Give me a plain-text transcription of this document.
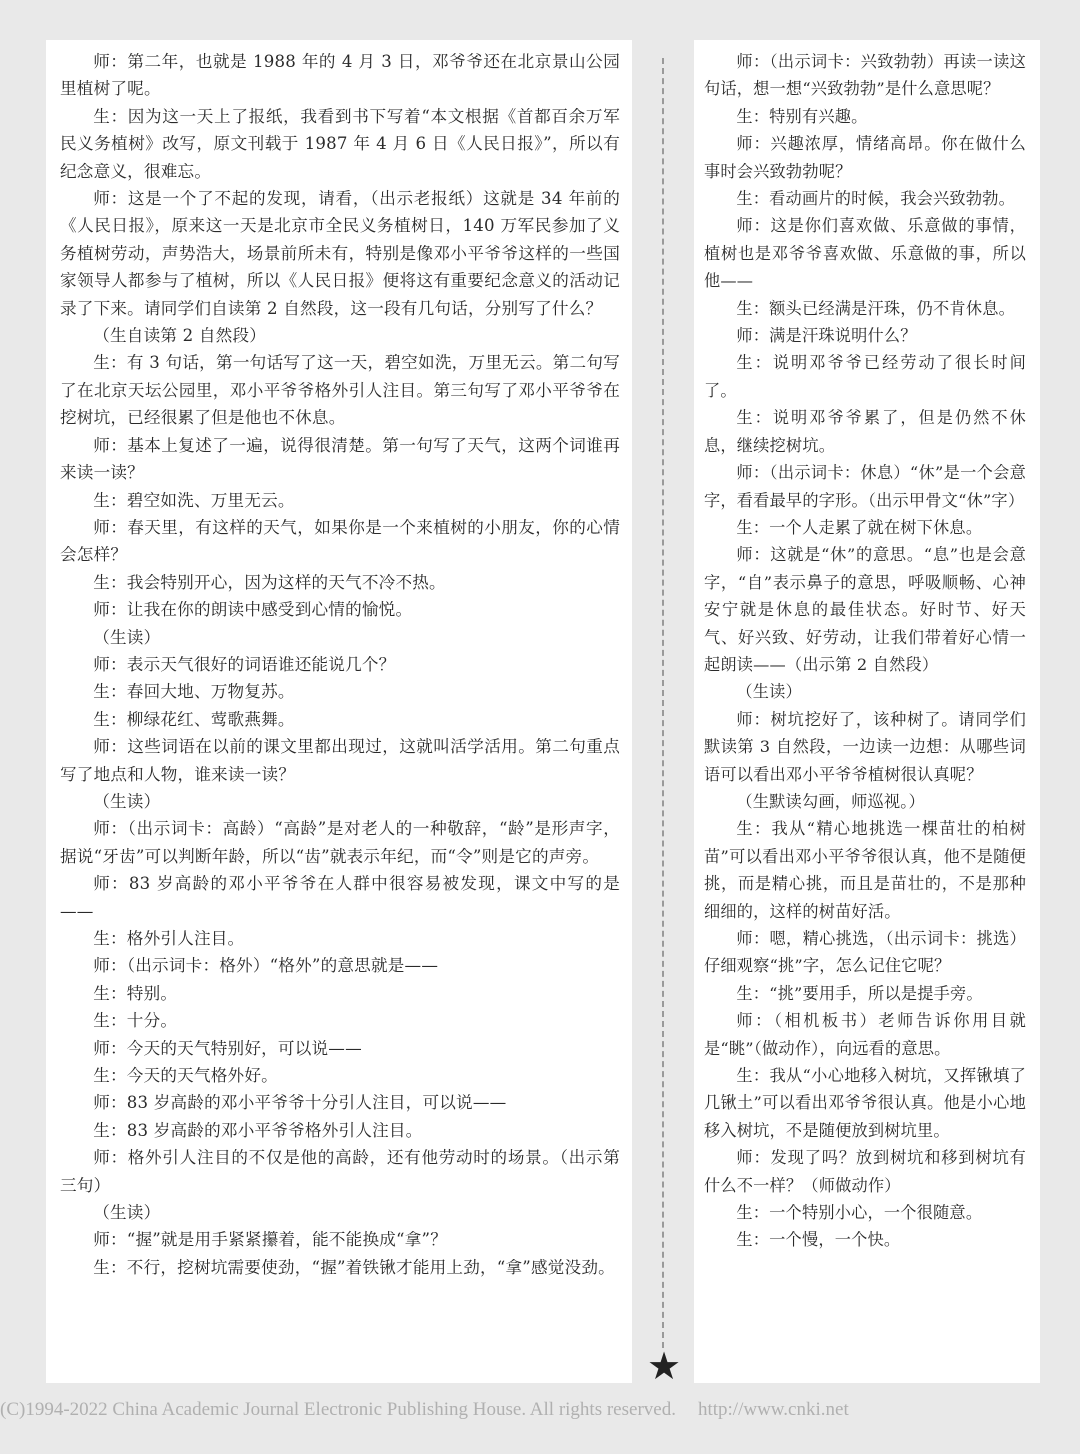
师：第二年，也就是 1988 年的 4 月 3 日，邓爷爷还在北京景山公园里植树了呢。

生：因为这一天上了报纸，我看到书下写着“本文根据《首都百余万军民义务植树》改写，原文刊载于 1987 年 4 月 6 日《人民日报》”，所以有纪念意义，很难忘。

师：这是一个了不起的发现，请看，（出示老报纸）这就是 34 年前的《人民日报》，原来这一天是北京市全民义务植树日，140 万军民参加了义务植树劳动，声势浩大，场景前所未有，特别是像邓小平爷爷这样的一些国家领导人都参与了植树，所以《人民日报》便将这有重要纪念意义的活动记录了下来。请同学们自读第 2 自然段，这一段有几句话，分别写了什么？

（生自读第 2 自然段）

生：有 3 句话，第一句话写了这一天，碧空如洗，万里无云。第二句写了在北京天坛公园里，邓小平爷爷格外引人注目。第三句写了邓小平爷爷在挖树坑，已经很累了但是他也不休息。

师：基本上复述了一遍，说得很清楚。第一句写了天气，这两个词谁再来读一读？

生：碧空如洗、万里无云。

师：春天里，有这样的天气，如果你是一个来植树的小朋友，你的心情会怎样？

生：我会特别开心，因为这样的天气不冷不热。

师：让我在你的朗读中感受到心情的愉悦。

（生读）

师：表示天气很好的词语谁还能说几个？

生：春回大地、万物复苏。

生：柳绿花红、莺歌燕舞。

师：这些词语在以前的课文里都出现过，这就叫活学活用。第二句重点写了地点和人物，谁来读一读？

（生读）

师：（出示词卡：高龄）“高龄”是对老人的一种敬辞，“龄”是形声字，据说“牙齿”可以判断年龄，所以“齿”就表示年纪，而“令”则是它的声旁。

师：83 岁高龄的邓小平爷爷在人群中很容易被发现，课文中写的是——

生：格外引人注目。

师：（出示词卡：格外）“格外”的意思就是——

生：特别。

生：十分。

师：今天的天气特别好，可以说——

生：今天的天气格外好。

师：83 岁高龄的邓小平爷爷十分引人注目，可以说——

生：83 岁高龄的邓小平爷爷格外引人注目。

师：格外引人注目的不仅是他的高龄，还有他劳动时的场景。（出示第三句）

（生读）

师：“握”就是用手紧紧攥着，能不能换成“拿”？

生：不行，挖树坑需要使劲，“握”着铁锹才能用上劲，“拿”感觉没劲。

师：（出示词卡：兴致勃勃）再读一读这句话，想一想“兴致勃勃”是什么意思呢？

生：特别有兴趣。

师：兴趣浓厚，情绪高昂。你在做什么事时会兴致勃勃呢？

生：看动画片的时候，我会兴致勃勃。

师：这是你们喜欢做、乐意做的事情，植树也是邓爷爷喜欢做、乐意做的事，所以他——

生：额头已经满是汗珠，仍不肯休息。

师：满是汗珠说明什么？

生：说明邓爷爷已经劳动了很长时间了。

生：说明邓爷爷累了，但是仍然不休息，继续挖树坑。

师：（出示词卡：休息）“休”是一个会意字，看看最早的字形。（出示甲骨文“休”字）

生：一个人走累了就在树下休息。

师：这就是“休”的意思。“息”也是会意字，“自”表示鼻子的意思，呼吸顺畅、心神安宁就是休息的最佳状态。好时节、好天气、好兴致、好劳动，让我们带着好心情一起朗读——（出示第 2 自然段）

（生读）

师：树坑挖好了，该种树了。请同学们默读第 3 自然段，一边读一边想：从哪些词语可以看出邓小平爷爷植树很认真呢？

（生默读勾画，师巡视。）

生：我从“精心地挑选一棵苗壮的柏树苗”可以看出邓小平爷爷很认真，他不是随便挑，而是精心挑，而且是苗壮的，不是那种细细的，这样的树苗好活。

师：嗯，精心挑选，（出示词卡：挑选）仔细观察“挑”字，怎么记住它呢？

生：“挑”要用手，所以是提手旁。

师：（相机板书）老师告诉你用目就是“眺”（做动作），向远看的意思。

生：我从“小心地移入树坑，又挥锹填了几锹土”可以看出邓爷爷很认真。他是小心地移入树坑，不是随便放到树坑里。

师：发现了吗？放到树坑和移到树坑有什么不一样？（师做动作）

生：一个特别小心，一个很随意。

生：一个慢，一个快。

★
(C)1994-2022 China Academic Journal Electronic Publishing House. All rights reserved. http://www.cnki.net
